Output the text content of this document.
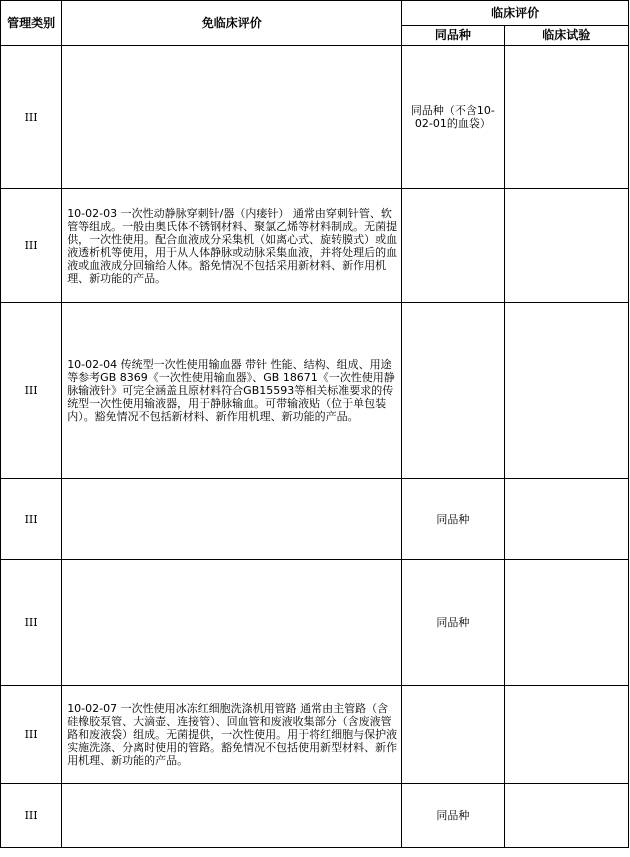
管理类别	免临床评价	临床评价	
		同品种	临床试验
III		同品种（不含10-02-01的血袋）	
III	10-02-03 一次性动静脉穿刺针/器（内瘘针） 通常由穿刺针管、软管等组成。一般由奥氏体不锈钢材料、聚氯乙烯等材料制成。无菌提供，一次性使用。配合血液成分采集机（如离心式、旋转膜式）或血液透析机等使用，用于从人体静脉或动脉采集血液，并将处理后的血液或血液成分回输给人体。豁免情况不包括采用新材料、新作用机理、新功能的产品。		
III	10-02-04 传统型一次性使用输血器 带针 性能、结构、组成、用途等参考GB 8369《一次性使用输血器》、GB 18671《一次性使用静脉输液针》可完全涵盖且原材料符合GB15593等相关标准要求的传统型一次性使用输液器，用于静脉输血。可带输液贴（位于单包装内）。豁免情况不包括新材料、新作用机理、新功能的产品。		
III		同品种	
III		同品种	
III	10-02-07 一次性使用冰冻红细胞洗涤机用管路 通常由主管路（含硅橡胶泵管、大滴壶、连接管）、回血管和废液收集部分（含废液管路和废液袋）组成。无菌提供，一次性使用。用于将红细胞与保护液实施洗涤、分离时使用的管路。豁免情况不包括使用新型材料、新作用机理、新功能的产品。		
III		同品种	
